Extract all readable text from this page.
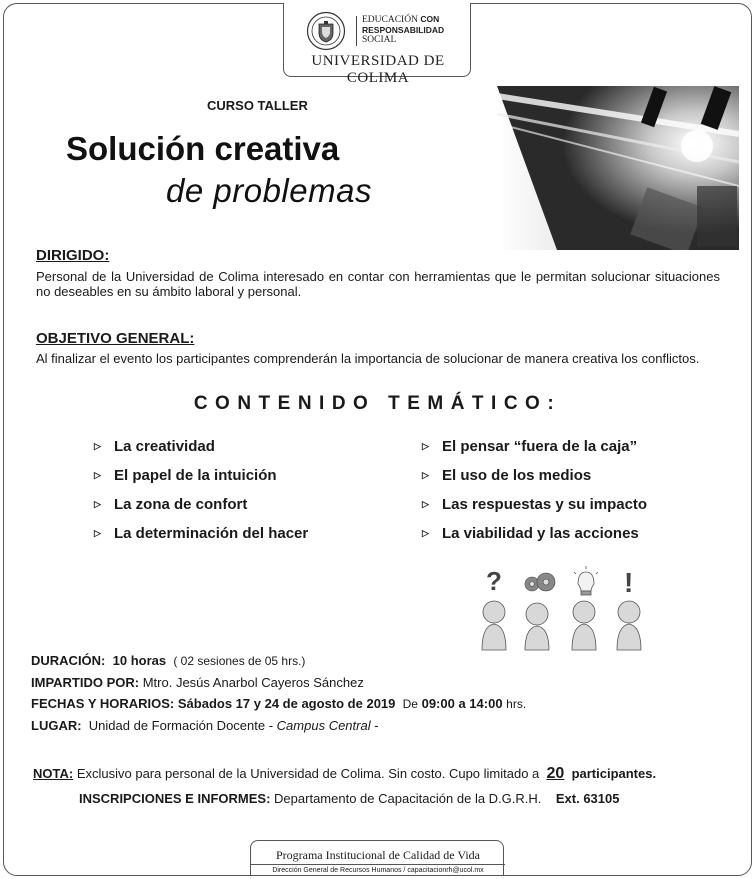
EDUCACIÓN CON
RESPONSABILIDAD
SOCIAL
UNIVERSIDAD DE COLIMA
CURSO TALLER
Solución creativa
de problemas
DIRIGIDO:
Personal de la Universidad de Colima interesado en contar con herramientas que le permitan solucionar situaciones no deseables en su ámbito laboral y personal.
OBJETIVO GENERAL:
Al finalizar el evento los participantes comprenderán la importancia de solucionar de manera creativa los conflictos.
CONTENIDO TEMÁTICO:
▷ La creatividad
▷ El papel de la intuición
▷ La zona de confort
▷ La determinación del hacer
▷ El pensar “fuera de la caja”
▷ El uso de los medios
▷ Las respuestas y su impacto
▷ La viabilidad y las acciones
?	!
DURACIÓN: 10 horas ( 02 sesiones de 05 hrs.)
IMPARTIDO POR: Mtro. Jesús Anarbol Cayeros Sánchez
FECHAS Y HORARIOS: Sábados 17 y 24 de agosto de 2019 De 09:00 a 14:00 hrs.
LUGAR: Unidad de Formación Docente - Campus Central -
NOTA: Exclusivo para personal de la Universidad de Colima. Sin costo. Cupo limitado a 20 participantes.
INSCRIPCIONES E INFORMES: Departamento de Capacitación de la D.G.R.H. Ext. 63105
Programa Institucional de Calidad de Vida
Dirección General de Recursos Humanos / capacitacionrh@ucol.mx
